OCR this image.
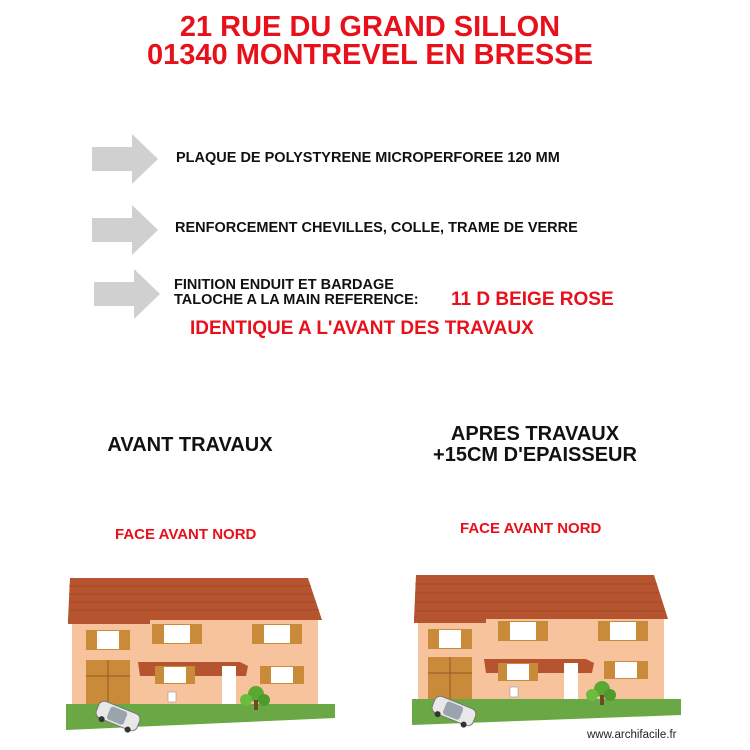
21 RUE DU GRAND SILLON
01340 MONTREVEL EN BRESSE
PLAQUE DE POLYSTYRENE MICROPERFOREE 120 MM
RENFORCEMENT CHEVILLES, COLLE, TRAME DE VERRE
FINITION ENDUIT ET BARDAGE
TALOCHE A LA MAIN REFERENCE: 11 D BEIGE ROSE
IDENTIQUE A L'AVANT DES TRAVAUX
AVANT TRAVAUX	APRES TRAVAUX
+15CM D'EPAISSEUR
FACE AVANT NORD	FACE AVANT NORD
www.archifacile.fr
